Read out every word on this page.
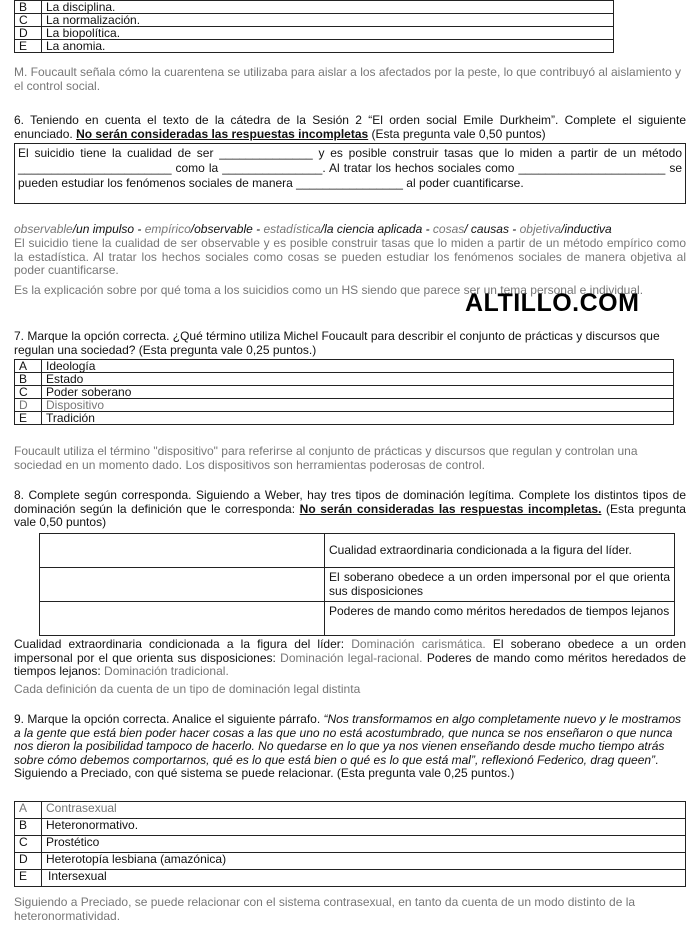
B	La disciplina.
C	La normalización.
D	La biopolítica.
E	La anomia.
M. Foucault señala cómo la cuarentena se utilizaba para aislar a los afectados por la peste, lo que contribuyó al aislamiento y el control social.
6. Teniendo en cuenta el texto de la cátedra de la Sesión 2 “El orden social Emile Durkheim”. Complete el siguiente enunciado. No serán consideradas las respuestas incompletas (Esta pregunta vale 0,50 puntos)
El suicidio tiene la cualidad de ser ______________ y es posible construir tasas que lo miden a partir de un método _______________________ como la _______________. Al tratar los hechos sociales como ______________________ se pueden estudiar los fenómenos sociales de manera ________________ al poder cuantificarse.
observable/un impulso - empírico/observable - estadística/la ciencia aplicada - cosas/ causas - objetiva/inductiva
El suicidio tiene la cualidad de ser observable y es posible construir tasas que lo miden a partir de un método empírico como la estadística. Al tratar los hechos sociales como cosas se pueden estudiar los fenómenos sociales de manera objetiva al poder cuantificarse.
Es la explicación sobre por qué toma a los suicidios como un HS siendo que parece ser un tema personal e individual.
ALTILLO.COM
7. Marque la opción correcta. ¿Qué término utiliza Michel Foucault para describir el conjunto de prácticas y discursos que regulan una sociedad? (Esta pregunta vale 0,25 puntos.)
A	Ideología
B	Estado
C	Poder soberano
D	Dispositivo
E	Tradición
Foucault utiliza el término "dispositivo" para referirse al conjunto de prácticas y discursos que regulan y controlan una sociedad en un momento dado. Los dispositivos son herramientas poderosas de control.
8. Complete según corresponda. Siguiendo a Weber, hay tres tipos de dominación legítima. Complete los distintos tipos de dominación según la definición que le corresponda: No serán consideradas las respuestas incompletas. (Esta pregunta vale 0,50 puntos)
	Cualidad extraordinaria condicionada a la figura del líder.
	El soberano obedece a un orden impersonal por el que orienta sus disposiciones
	Poderes de mando como méritos heredados de tiempos lejanos
Cualidad extraordinaria condicionada a la figura del líder: Dominación carismática. El soberano obedece a un orden impersonal por el que orienta sus disposiciones: Dominación legal-racional. Poderes de mando como méritos heredados de tiempos lejanos: Dominación tradicional.
Cada definición da cuenta de un tipo de dominación legal distinta
9. Marque la opción correcta. Analice el siguiente párrafo. “Nos transformamos en algo completamente nuevo y le mostramos a la gente que está bien poder hacer cosas a las que uno no está acostumbrado, que nunca se nos enseñaron o que nunca nos dieron la posibilidad tampoco de hacerlo. No quedarse en lo que ya nos vienen enseñando desde mucho tiempo atrás sobre cómo debemos comportarnos, qué es lo que está bien o qué es lo que está mal”, reflexionó Federico, drag queen”. Siguiendo a Preciado, con qué sistema se puede relacionar. (Esta pregunta vale 0,25 puntos.)
A	Contrasexual
B	Heteronormativo.
C	Prostético
D	Heterotopía lesbiana (amazónica)
E	Intersexual
Siguiendo a Preciado, se puede relacionar con el sistema contrasexual, en tanto da cuenta de un modo distinto de la heteronormatividad.
